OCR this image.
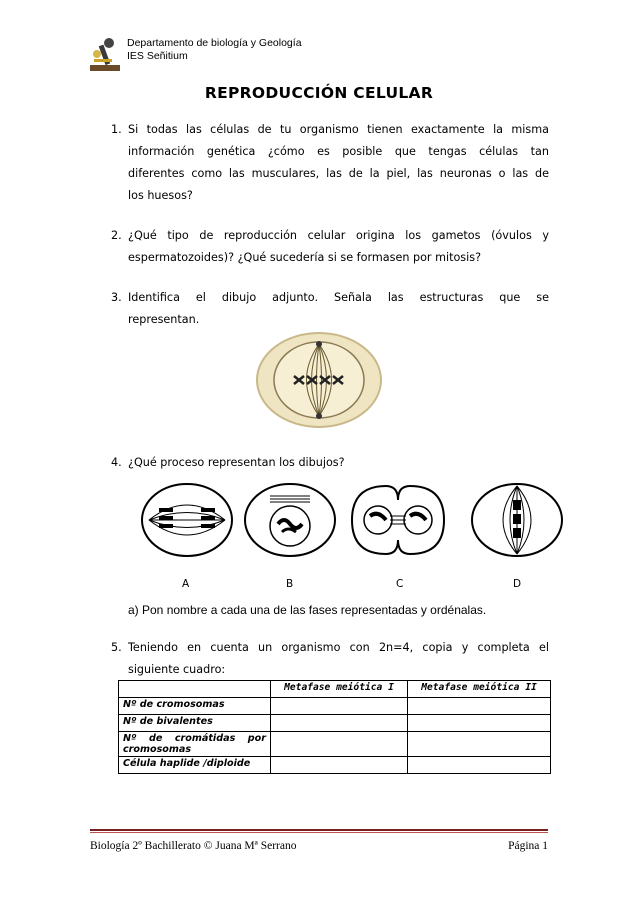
Departamento de biología y Geología
IES Señitium
REPRODUCCIÓN CELULAR
1. Si todas las células de tu organismo tienen exactamente la misma
información genética ¿cómo es posible que tengas células tan
diferentes como las musculares, las de la piel, las neuronas o las de
los huesos?
2. ¿Qué tipo de reproducción celular origina los gametos (óvulos y
espermatozoides)? ¿Qué sucedería si se formasen por mitosis?
3. Identifica el dibujo adjunto. Señala las estructuras que se
representan.
4. ¿Qué proceso representan los dibujos?
A	B	C	D
a) Pon nombre a cada una de las fases representadas y ordénalas.
5. Teniendo en cuenta un organismo con 2n=4, copia y completa el
siguiente cuadro:
	Metafase meiótica I	Metafase meiótica II
Nº de cromosomas		
Nº de bivalentes		
Nº de cromátidas por cromosomas		
Célula haplide /diploide		
Biología 2º Bachillerato © Juana Mª Serrano	Página 1
